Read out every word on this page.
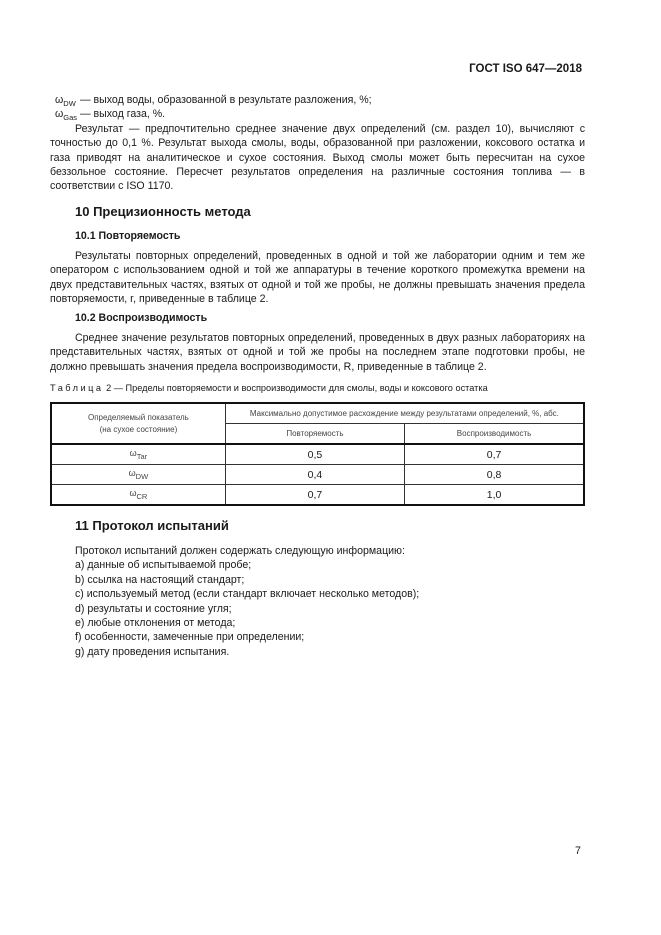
ГОСТ ISO 647—2018
$\omega_{DW}$ — выход воды, образованной в результате разложения, %;
$\omega_{Gas}$ — выход газа, %.
Результат — предпочтительно среднее значение двух определений (см. раздел 10), вычисляют с точностью до 0,1 %. Результат выхода смолы, воды, образованной при разложении, коксового остатка и газа приводят на аналитическое и сухое состояния. Выход смолы может быть пересчитан на сухое беззольное состояние. Пересчет результатов определения на различные состояния топлива — в соответствии с ISO 1170.
10 Прецизионность метода
10.1 Повторяемость
Результаты повторных определений, проведенных в одной и той же лаборатории одним и тем же оператором с использованием одной и той же аппаратуры в течение короткого промежутка времени на двух представительных частях, взятых от одной и той же пробы, не должны превышать значения предела повторяемости, r, приведенные в таблице 2.
10.2 Воспроизводимость
Среднее значение результатов повторных определений, проведенных в двух разных лабораториях на представительных частях, взятых от одной и той же пробы на последнем этапе подготовки пробы, не должно превышать значения предела воспроизводимости, R, приведенные в таблице 2.
Таблица 2 — Пределы повторяемости и воспроизводимости для смолы, воды и коксового остатка
Определяемый показатель
(на сухое состояние)	Максимально допустимое расхождение между результатами определений, %, абс.	
	Повторяемость	Воспроизводимость
$\omega_{Tar}$	0,5	0,7
$\omega_{DW}$	0,4	0,8
$\omega_{CR}$	0,7	1,0
11 Протокол испытаний
Протокол испытаний должен содержать следующую информацию:
a) данные об испытываемой пробе;
b) ссылка на настоящий стандарт;
c) используемый метод (если стандарт включает несколько методов);
d) результаты и состояние угля;
e) любые отклонения от метода;
f) особенности, замеченные при определении;
g) дату проведения испытания.
7
